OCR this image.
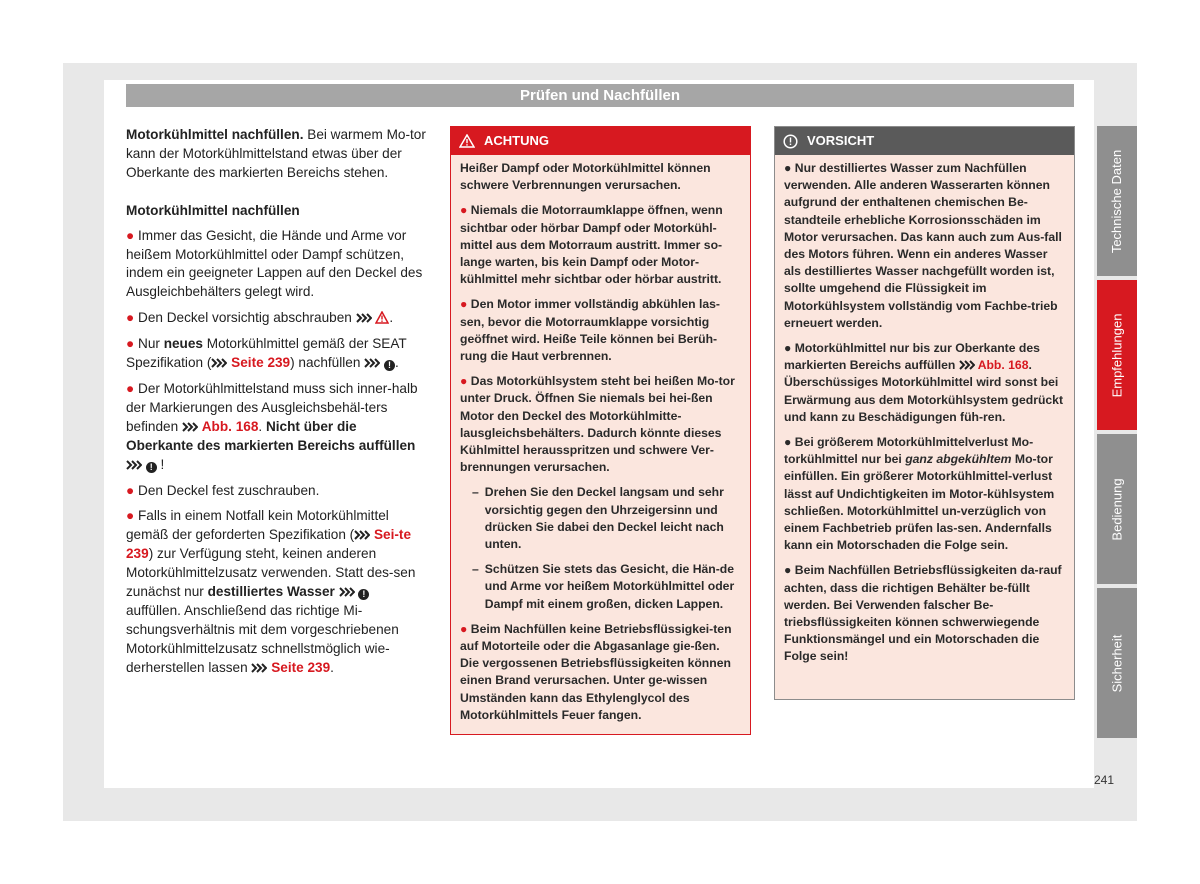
Prüfen und Nachfüllen

Motorkühlmittel nachfüllen. Bei warmem Mo-tor kann der Motorkühlmittelstand etwas über der Oberkante des markierten Bereichs stehen.

Motorkühlmittel nachfüllen

● Immer das Gesicht, die Hände und Arme vor heißem Motorkühlmittel oder Dampf schützen, indem ein geeigneter Lappen auf den Deckel des Ausgleichbehälters gelegt wird.

● Den Deckel vorsichtig abschrauben	.

● Nur neues Motorkühlmittel gemäß der SEAT Spezifikation ( Seite 239) nachfüllen	! .

● Der Motorkühlmittelstand muss sich inner-halb der Markierungen des Ausgleichsbehäl-ters befinden  Abb. 168. Nicht über die Oberkante des markierten Bereichs auffüllen  ! !

● Den Deckel fest zuschrauben.

● Falls in einem Notfall kein Motorkühlmittel gemäß der geforderten Spezifikation ( Sei-te 239) zur Verfügung steht, keinen anderen Motorkühlmittelzusatz verwenden. Statt des-sen zunächst nur destilliertes Wasser	! auffüllen. Anschließend das richtige Mi-schungsverhältnis mit dem vorgeschriebenen Motorkühlmittelzusatz schnellstmöglich wie-derherstellen lassen  Seite 239.

ACHTUNG

Heißer Dampf oder Motorkühlmittel können schwere Verbrennungen verursachen.

● Niemals die Motorraumklappe öffnen, wenn sichtbar oder hörbar Dampf oder Motorkühl-mittel aus dem Motorraum austritt. Immer so-lange warten, bis kein Dampf oder Motor-kühlmittel mehr sichtbar oder hörbar austritt.

● Den Motor immer vollständig abkühlen las-sen, bevor die Motorraumklappe vorsichtig geöffnet wird. Heiße Teile können bei Berüh-rung die Haut verbrennen.

● Das Motorkühlsystem steht bei heißen Mo-tor unter Druck. Öffnen Sie niemals bei hei-ßen Motor den Deckel des Motorkühlmitte-lausgleichsbehälters. Dadurch könnte dieses Kühlmittel herausspritzen und schwere Ver-brennungen verursachen.

– Drehen Sie den Deckel langsam und sehr vorsichtig gegen den Uhrzeigersinn und drücken Sie dabei den Deckel leicht nach unten.
– Schützen Sie stets das Gesicht, die Hän-de und Arme vor heißem Motorkühlmittel oder Dampf mit einem großen, dicken Lappen.

● Beim Nachfüllen keine Betriebsflüssigkei-ten auf Motorteile oder die Abgasanlage gie-ßen. Die vergossenen Betriebsflüssigkeiten können einen Brand verursachen. Unter ge-wissen Umständen kann das Ethylenglycol des Motorkühlmittels Feuer fangen.

VORSICHT

● Nur destilliertes Wasser zum Nachfüllen verwenden. Alle anderen Wasserarten können aufgrund der enthaltenen chemischen Be-standteile erhebliche Korrosionsschäden im Motor verursachen. Das kann auch zum Aus-fall des Motors führen. Wenn ein anderes Wasser als destilliertes Wasser nachgefüllt worden ist, sollte umgehend die Flüssigkeit im Motorkühlsystem vollständig vom Fachbe-trieb erneuert werden.

● Motorkühlmittel nur bis zur Oberkante des markierten Bereichs auffüllen  Abb. 168. Überschüssiges Motorkühlmittel wird sonst bei Erwärmung aus dem Motorkühlsystem gedrückt und kann zu Beschädigungen füh-ren.

● Bei größerem Motorkühlmittelverlust Mo-torkühlmittel nur bei ganz abgekühltem Mo-tor einfüllen. Ein größerer Motorkühlmittel-verlust lässt auf Undichtigkeiten im Motor-kühlsystem schließen. Motorkühlmittel un-verzüglich von einem Fachbetrieb prüfen las-sen. Andernfalls kann ein Motorschaden die Folge sein.

● Beim Nachfüllen Betriebsflüssigkeiten da-rauf achten, dass die richtigen Behälter be-füllt werden. Bei Verwenden falscher Be-triebsflüssigkeiten können schwerwiegende Funktionsmängel und ein Motorschaden die Folge sein!

Technische Daten
Empfehlungen
Bedienung
Sicherheit
241
